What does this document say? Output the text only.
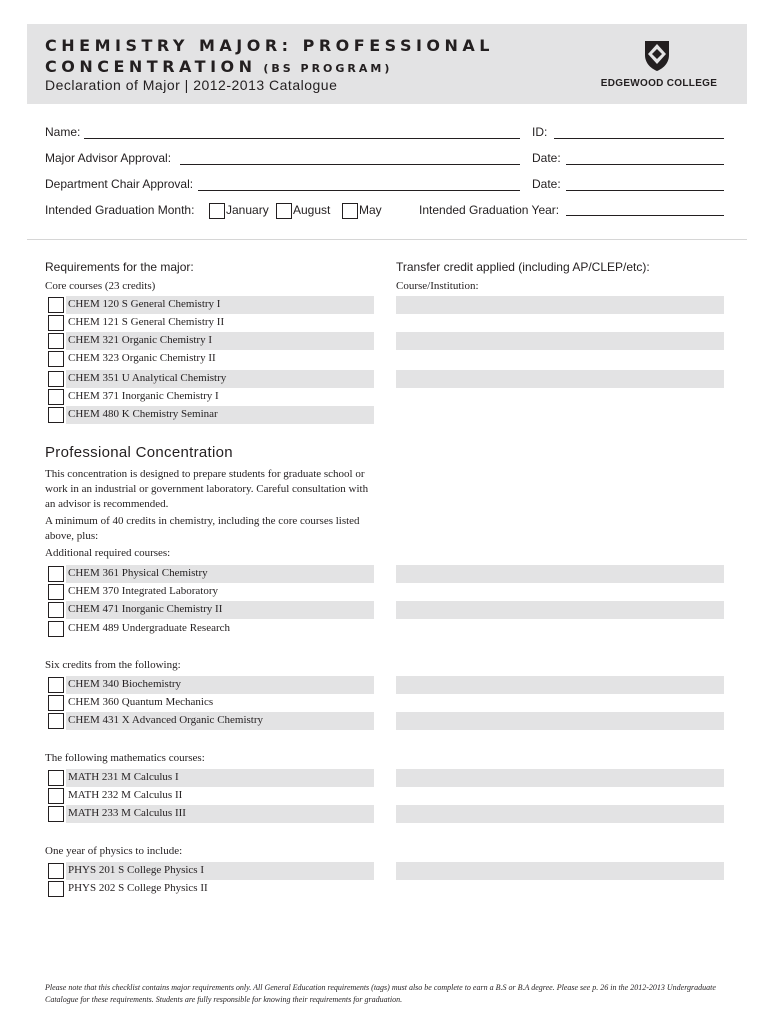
CHEMISTRY MAJOR: PROFESSIONAL
CONCENTRATION (BS PROGRAM)
Declaration of Major | 2012-2013 Catalogue	EDGEWOOD COLLEGE
Name:	ID:
Major Advisor Approval:	Date:
Department Chair Approval:	Date:
Intended Graduation Month:	January August May	Intended Graduation Year:
Requirements for the major:	Transfer credit applied (including AP/CLEP/etc):
Core courses (23 credits)	Course/Institution:
CHEM 120 S General Chemistry I
CHEM 121 S General Chemistry II
CHEM 321 Organic Chemistry I
CHEM 323 Organic Chemistry II
CHEM 351 U Analytical Chemistry
CHEM 371 Inorganic Chemistry I
CHEM 480 K Chemistry Seminar
Professional Concentration
This concentration is designed to prepare students for graduate school or work in an industrial or government laboratory. Careful consultation with an advisor is recommended.
A minimum of 40 credits in chemistry, including the core courses listed above, plus:
Additional required courses:
CHEM 361 Physical Chemistry
CHEM 370 Integrated Laboratory
CHEM 471 Inorganic Chemistry II
CHEM 489 Undergraduate Research
Six credits from the following:
CHEM 340 Biochemistry
CHEM 360 Quantum Mechanics
CHEM 431 X Advanced Organic Chemistry
The following mathematics courses:
MATH 231 M Calculus I
MATH 232 M Calculus II
MATH 233 M Calculus III
One year of physics to include:
PHYS 201 S College Physics I
PHYS 202 S College Physics II
Please note that this checklist contains major requirements only. All General Education requirements (tags) must also be complete to earn a B.S or B.A degree. Please see p. 26 in the 2012-2013 Undergraduate Catalogue for these requirements. Students are fully responsible for knowing their requirements for graduation.
